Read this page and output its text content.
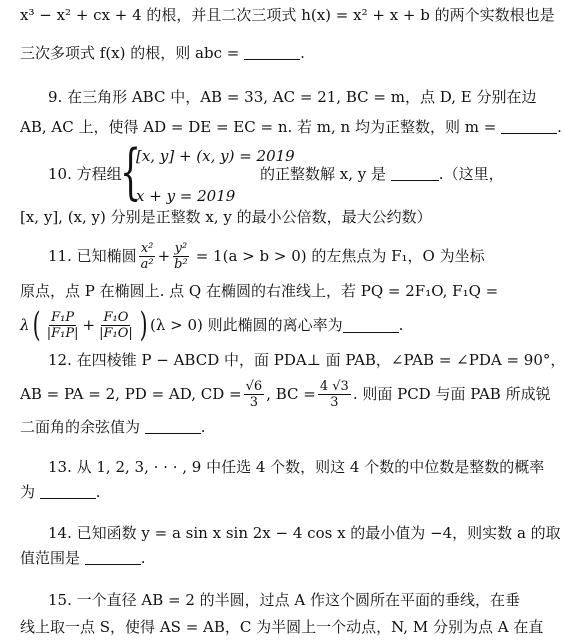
x³ − x² + cx + 4 的根，并且二次三项式 h(x) = x² + x + b 的两个实数根也是
三次多项式 f(x) 的根，则 abc =	.
9. 在三角形 ABC 中，AB = 33, AC = 21, BC = m，点 D, E 分别在边
AB, AC 上，使得 AD = DE = EC = n. 若 m, n 均为正整数，则 m =	.
10. 方程组
{
[x, y] + (x, y) = 2019
x + y = 2019
的正整数解 x, y 是	.（这里，
[x, y], (x, y) 分别是正整数 x, y 的最小公倍数，最大公约数）
11. 已知椭圆 $\frac{\text{x²}}{\text{a²}} + \frac{\text{y²}}{\text{b²}} = 1(a > b > 0)$ 的左焦点为 F₁，O 为坐标
原点，点 P 在椭圆上. 点 Q 在椭圆的右准线上，若 PQ = 2F₁O, F₁Q =
λ ( $\frac{\text{F₁P}}{\text{|F₁P|}} + \frac{\text{F₁O}}{\text{|F₁O|}}$ ) (λ > 0) 则此椭圆的离心率为	.
12. 在四棱锥 P − ABCD 中，面 PDA⊥ 面 PAB，∠PAB = ∠PDA = 90°，
AB = PA = 2, PD = AD, CD = $\frac{√6}{3}$ , BC = $\frac{4 √3}{3}$ . 则面 PCD 与面 PAB 所成锐
二面角的余弦值为	.
13. 从 1, 2, 3, · · · , 9 中任选 4 个数，则这 4 个数的中位数是整数的概率
为	.
14. 已知函数 y = a sin x sin 2x − 4 cos x 的最小值为 −4，则实数 a 的取
值范围是	.
15. 一个直径 AB = 2 的半圆，过点 A 作这个圆所在平面的垂线，在垂
线上取一点 S，使得 AS = AB，C 为半圆上一个动点，N, M 分别为点 A 在直
